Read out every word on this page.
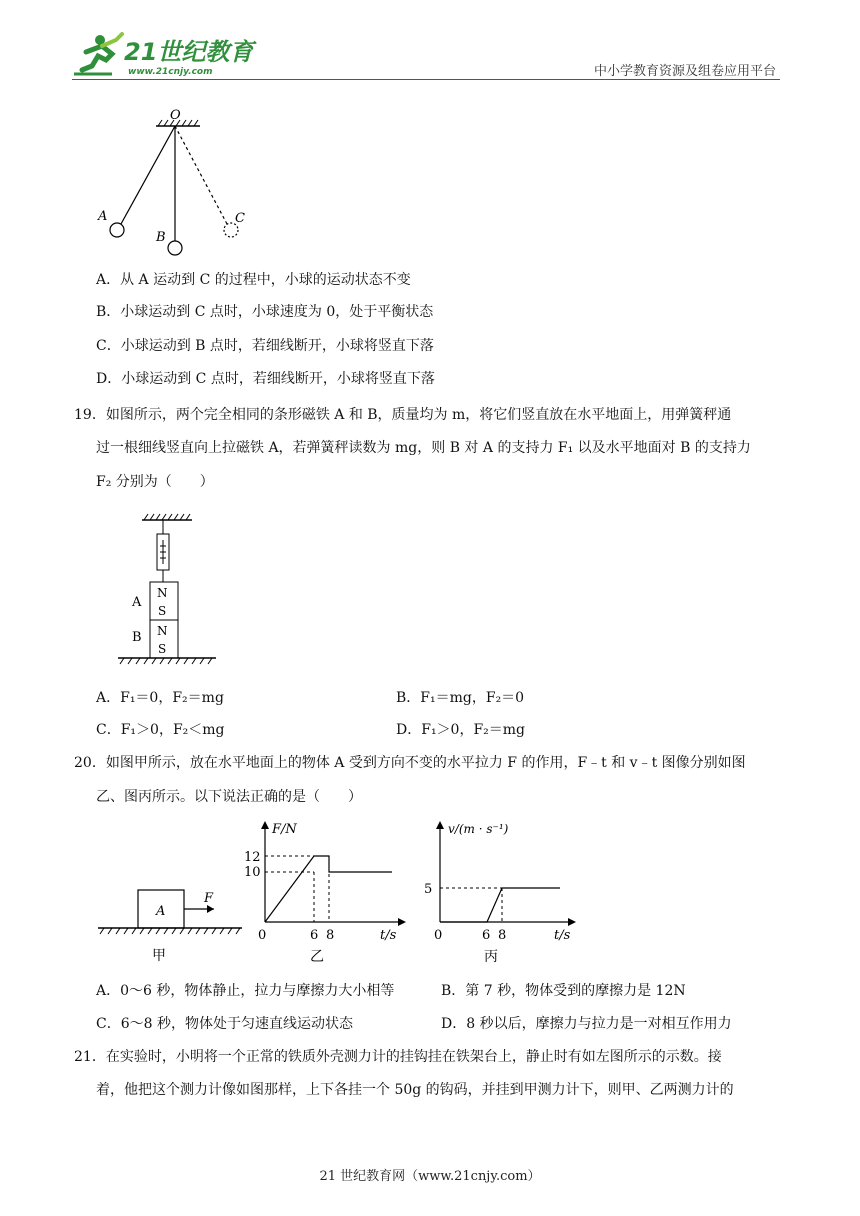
21世纪教育
www.21cnjy.com	中小学教育资源及组卷应用平台
O
A
B
C
A．从 A 运动到 C 的过程中，小球的运动状态不变
B．小球运动到 C 点时，小球速度为 0，处于平衡状态
C．小球运动到 B 点时，若细线断开，小球将竖直下落
D．小球运动到 C 点时，若细线断开，小球将竖直下落
19．如图所示，两个完全相同的条形磁铁 A 和 B，质量均为 m，将它们竖直放在水平地面上，用弹簧秤通
过一根细线竖直向上拉磁铁 A，若弹簧秤读数为 mg，则 B 对 A 的支持力 F₁ 以及水平地面对 B 的支持力
F₂ 分别为（　　）
N
S
N
S
A
B
A．F₁＝0，F₂＝mg	B．F₁＝mg，F₂＝0
C．F₁＞0，F₂＜mg	D．F₁＞0，F₂＝mg
20．如图甲所示，放在水平地面上的物体 A 受到方向不变的水平拉力 F 的作用，F﹣t 和 v﹣t 图像分别如图
乙、图丙所示。以下说法正确的是（　　）
A
F
甲
F/N
t/s
0
12
10
6 8
乙
v/(m · s⁻¹)
t/s
0
5
6 8
丙
A．0～6 秒，物体静止，拉力与摩擦力大小相等	B．第 7 秒，物体受到的摩擦力是 12N
C．6～8 秒，物体处于匀速直线运动状态	D．8 秒以后，摩擦力与拉力是一对相互作用力
21．在实验时，小明将一个正常的铁质外壳测力计的挂钩挂在铁架台上，静止时有如左图所示的示数。接
着，他把这个测力计像如图那样，上下各挂一个 50g 的钩码，并挂到甲测力计下，则甲、乙两测力计的
21 世纪教育网（www.21cnjy.com）
